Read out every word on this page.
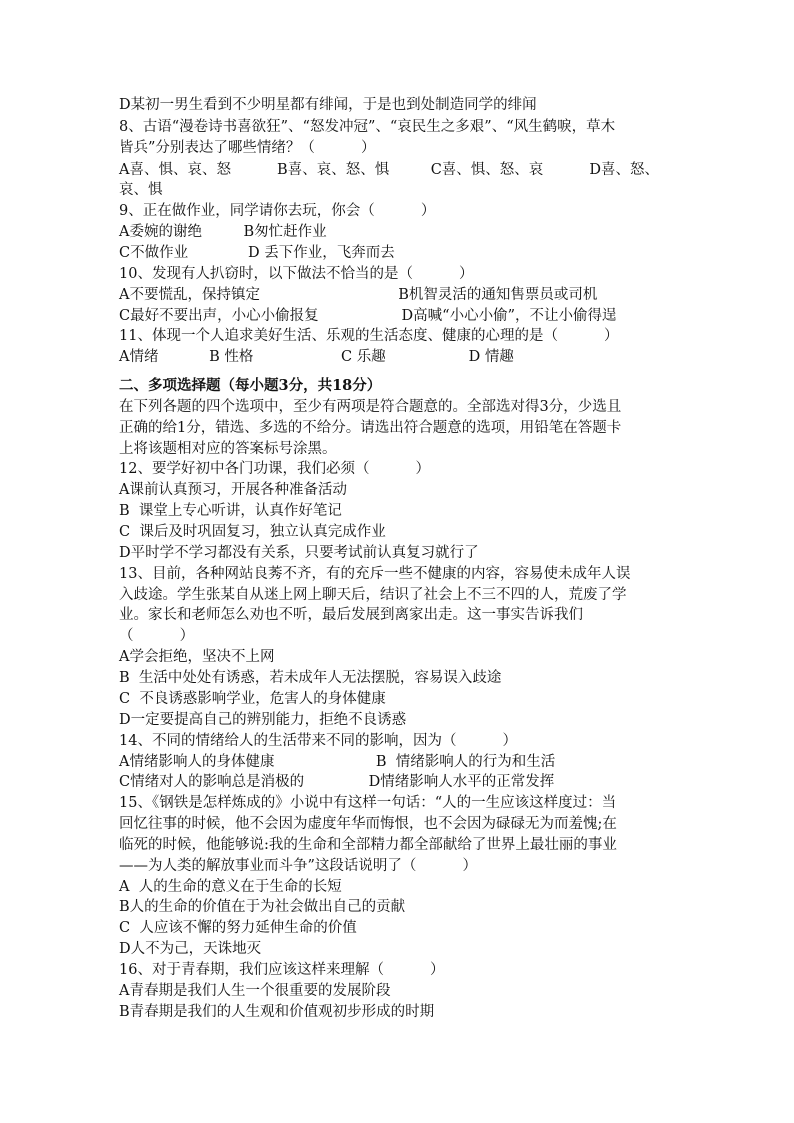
D某初一男生看到不少明星都有绯闻，于是也到处制造同学的绯闻
8、古语“漫卷诗书喜欲狂”、“怒发冲冠”、“哀民生之多艰”、“风生鹤唳，草木
皆兵”分别表达了哪些情绪？（          ）
A喜、惧、哀、怒          B喜、哀、怒、惧         C喜、惧、怒、哀          D喜、怒、
哀、惧
9、正在做作业，同学请你去玩，你会（          ）
A委婉的谢绝         B匆忙赶作业
C不做作业             D 丢下作业，飞奔而去
10、发现有人扒窃时，以下做法不恰当的是（          ）
A不要慌乱，保持镇定                              B机智灵活的通知售票员或司机
C最好不要出声，小心小偷报复                  D高喊“小心小偷”，不让小偷得逞
11、体现一个人追求美好生活、乐观的生活态度、健康的心理的是（          ）
A情绪           B 性格                   C 乐趣                  D 情趣
二、多项选择题（每小题3分，共18分）
在下列各题的四个选项中，至少有两项是符合题意的。全部选对得3分，少选且
正确的给1分，错选、多选的不给分。请选出符合题意的选项，用铅笔在答题卡
上将该题相对应的答案标号涂黑。
12、要学好初中各门功课，我们必须（          ）
A课前认真预习，开展各种准备活动
B  课堂上专心听讲，认真作好笔记
C  课后及时巩固复习，独立认真完成作业
D平时学不学习都没有关系，只要考试前认真复习就行了
13、目前，各种网站良莠不齐，有的充斥一些不健康的内容，容易使未成年人误
入歧途。学生张某自从迷上网上聊天后，结识了社会上不三不四的人，荒废了学
业。家长和老师怎么劝也不听，最后发展到离家出走。这一事实告诉我们
（          ）
A学会拒绝，坚决不上网
B  生活中处处有诱惑，若未成年人无法摆脱，容易误入歧途
C  不良诱惑影响学业，危害人的身体健康
D一定要提高自己的辨别能力，拒绝不良诱惑
14、不同的情绪给人的生活带来不同的影响，因为（          ）
A情绪影响人的身体健康                      B  情绪影响人的行为和生活
C情绪对人的影响总是消极的              D情绪影响人水平的正常发挥
15、《钢铁是怎样炼成的》小说中有这样一句话：“人的一生应该这样度过：当
回忆往事的时候，他不会因为虚度年华而悔恨，也不会因为碌碌无为而羞愧;在
临死的时候，他能够说:我的生命和全部精力都全部献给了世界上最壮丽的事业
——为人类的解放事业而斗争”这段话说明了（          ）
A  人的生命的意义在于生命的长短
B人的生命的价值在于为社会做出自己的贡献
C  人应该不懈的努力延伸生命的价值
D人不为己，天诛地灭
16、对于青春期，我们应该这样来理解（          ）
A青春期是我们人生一个很重要的发展阶段
B青春期是我们的人生观和价值观初步形成的时期
